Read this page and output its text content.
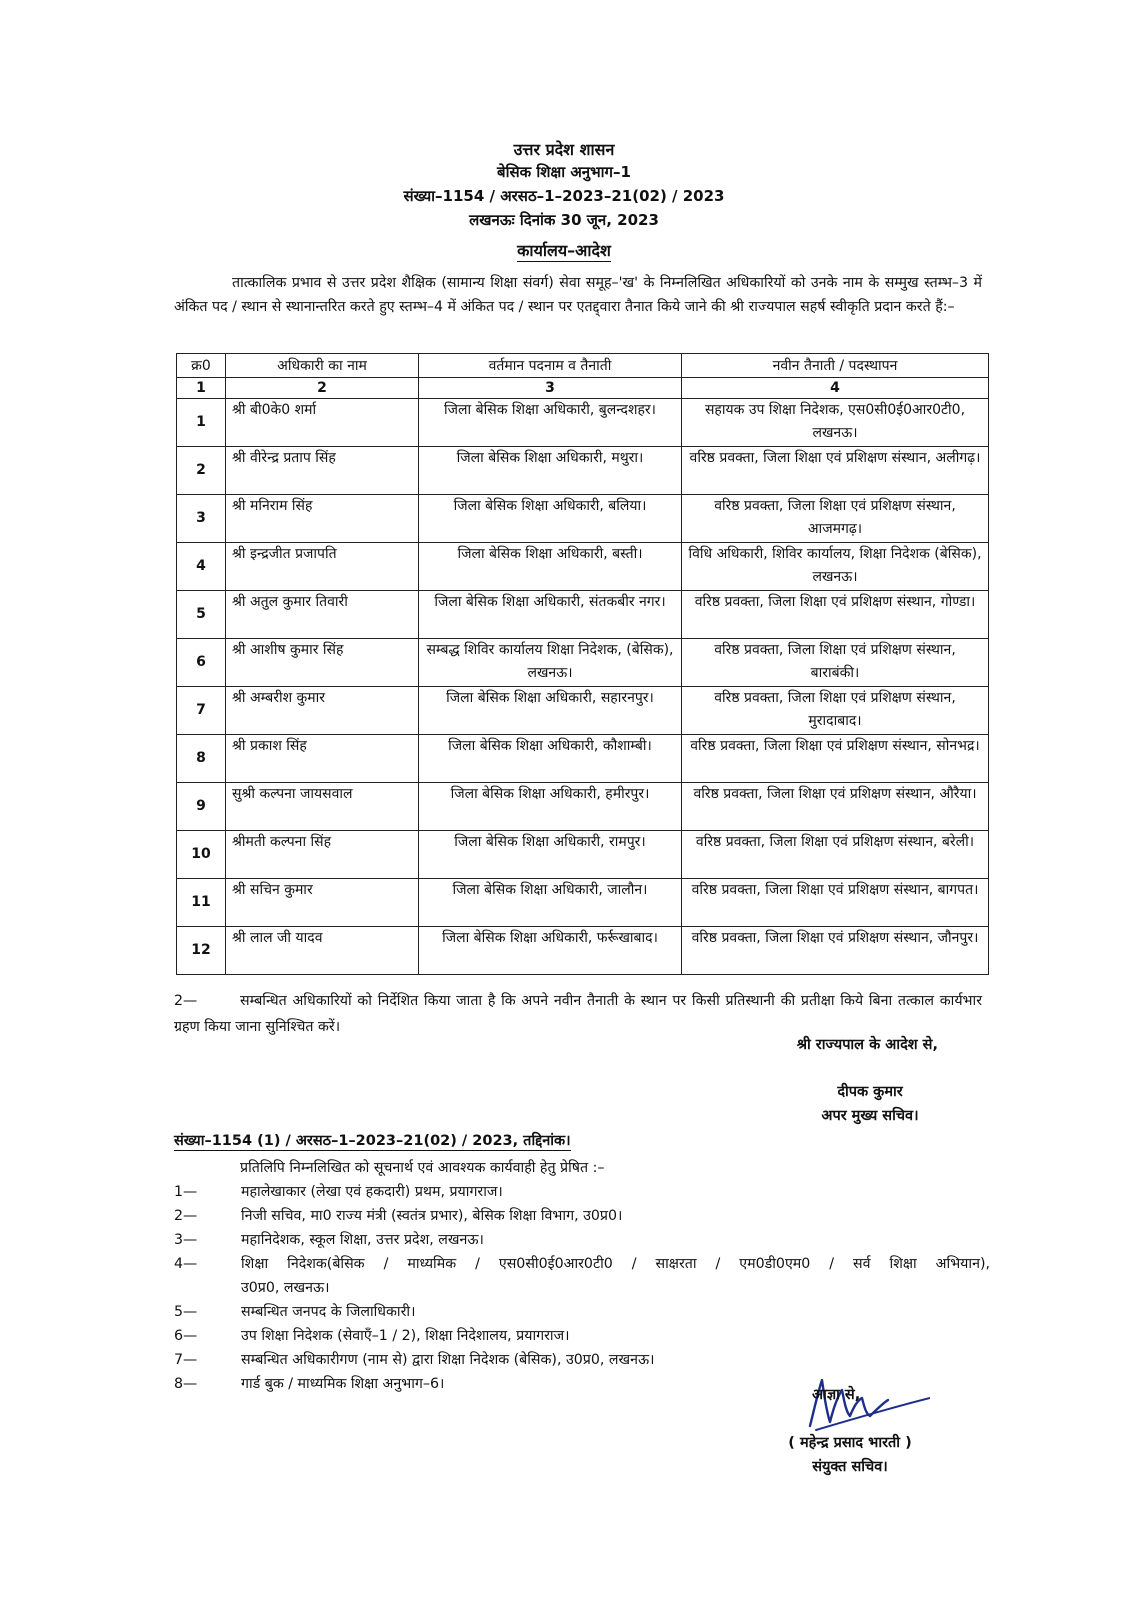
उत्तर प्रदेश शासन
बेसिक शिक्षा अनुभाग–1
संख्या–1154 / अरसठ–1–2023–21(02) / 2023
लखनऊः दिनांक 30 जून, 2023
कार्यालय–आदेश
तात्कालिक प्रभाव से उत्तर प्रदेश शैक्षिक (सामान्य शिक्षा संवर्ग) सेवा समूह–'ख' के निम्नलिखित अधिकारियों को उनके नाम के सम्मुख स्तम्भ–3 में अंकित पद / स्थान से स्थानान्तरित करते हुए स्तम्भ–4 में अंकित पद / स्थान पर एतद्द्वारा तैनात किये जाने की श्री राज्यपाल सहर्ष स्वीकृति प्रदान करते हैं:–
क्र0	अधिकारी का नाम	वर्तमान पदनाम व तैनाती	नवीन तैनाती / पदस्थापन
1	2	3	4
1	श्री बी0के0 शर्मा	जिला बेसिक शिक्षा अधिकारी, बुलन्दशहर।	सहायक उप शिक्षा निदेशक, एस0सी0ई0आर0टी0, लखनऊ।
2	श्री वीरेन्द्र प्रताप सिंह	जिला बेसिक शिक्षा अधिकारी, मथुरा।	वरिष्ठ प्रवक्ता, जिला शिक्षा एवं प्रशिक्षण संस्थान, अलीगढ़।
3	श्री मनिराम सिंह	जिला बेसिक शिक्षा अधिकारी, बलिया।	वरिष्ठ प्रवक्ता, जिला शिक्षा एवं प्रशिक्षण संस्थान, आजमगढ़।
4	श्री इन्द्रजीत प्रजापति	जिला बेसिक शिक्षा अधिकारी, बस्ती।	विधि अधिकारी, शिविर कार्यालय, शिक्षा निदेशक (बेसिक), लखनऊ।
5	श्री अतुल कुमार तिवारी	जिला बेसिक शिक्षा अधिकारी, संतकबीर नगर।	वरिष्ठ प्रवक्ता, जिला शिक्षा एवं प्रशिक्षण संस्थान, गोण्डा।
6	श्री आशीष कुमार सिंह	सम्बद्ध शिविर कार्यालय शिक्षा निदेशक, (बेसिक), लखनऊ।	वरिष्ठ प्रवक्ता, जिला शिक्षा एवं प्रशिक्षण संस्थान, बाराबंकी।
7	श्री अम्बरीश कुमार	जिला बेसिक शिक्षा अधिकारी, सहारनपुर।	वरिष्ठ प्रवक्ता, जिला शिक्षा एवं प्रशिक्षण संस्थान, मुरादाबाद।
8	श्री प्रकाश सिंह	जिला बेसिक शिक्षा अधिकारी, कौशाम्बी।	वरिष्ठ प्रवक्ता, जिला शिक्षा एवं प्रशिक्षण संस्थान, सोनभद्र।
9	सुश्री कल्पना जायसवाल	जिला बेसिक शिक्षा अधिकारी, हमीरपुर।	वरिष्ठ प्रवक्ता, जिला शिक्षा एवं प्रशिक्षण संस्थान, औरैया।
10	श्रीमती कल्पना सिंह	जिला बेसिक शिक्षा अधिकारी, रामपुर।	वरिष्ठ प्रवक्ता, जिला शिक्षा एवं प्रशिक्षण संस्थान, बरेली।
11	श्री सचिन कुमार	जिला बेसिक शिक्षा अधिकारी, जालौन।	वरिष्ठ प्रवक्ता, जिला शिक्षा एवं प्रशिक्षण संस्थान, बागपत।
12	श्री लाल जी यादव	जिला बेसिक शिक्षा अधिकारी, फर्रूखाबाद।	वरिष्ठ प्रवक्ता, जिला शिक्षा एवं प्रशिक्षण संस्थान, जौनपुर।
2—	सम्बन्धित अधिकारियों को निर्देशित किया जाता है कि अपने नवीन तैनाती के स्थान पर किसी प्रतिस्थानी की प्रतीक्षा किये बिना तत्काल कार्यभार ग्रहण किया जाना सुनिश्चित करें।
श्री राज्यपाल के आदेश से,
दीपक कुमार
अपर मुख्य सचिव।
संख्या–1154 (1) / अरसठ–1–2023–21(02) / 2023, तद्दिनांक।
प्रतिलिपि निम्नलिखित को सूचनार्थ एवं आवश्यक कार्यवाही हेतु प्रेषित :–
1—	महालेखाकार (लेखा एवं हकदारी) प्रथम, प्रयागराज।
2—	निजी सचिव, मा0 राज्य मंत्री (स्वतंत्र प्रभार), बेसिक शिक्षा विभाग, उ0प्र0।
3—	महानिदेशक, स्कूल शिक्षा, उत्तर प्रदेश, लखनऊ।
4—	शिक्षा निदेशक(बेसिक / माध्यमिक / एस0सी0ई0आर0टी0 / साक्षरता / एम0डी0एम0 / सर्व शिक्षा अभियान),
उ0प्र0, लखनऊ।
5—	सम्बन्धित जनपद के जिलाधिकारी।
6—	उप शिक्षा निदेशक (सेवाएँ–1 / 2), शिक्षा निदेशालय, प्रयागराज।
7—	सम्बन्धित अधिकारीगण (नाम से) द्वारा शिक्षा निदेशक (बेसिक), उ0प्र0, लखनऊ।
8—	गार्ड बुक / माध्यमिक शिक्षा अनुभाग–6।
आज्ञा से,
( महेन्द्र प्रसाद भारती )
संयुक्त सचिव।
